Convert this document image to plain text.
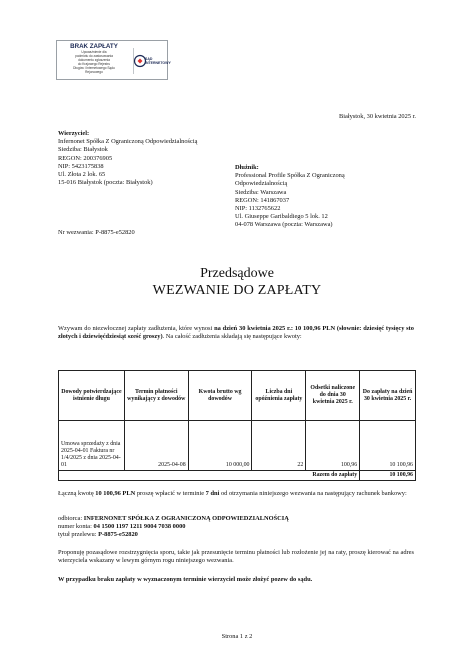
BRAK ZAPŁATY
Upoważnienie dla
podmiotu do zastosowania
dokumentu zgłoszenia
do Krajowego Rejestru
Długów i Internetowego Sądu
Rejonowego
SĄD
INTERNETOWY
Białystok, 30 kwietnia 2025 r.
Wierzyciel:
Infernonet Spółka Z Ograniczoną Odpowiedzialnością
Siedziba: Białystok
REGON: 200376905
NIP: 5423175838
Ul. Złota 2 lok. 65
15-016 Białystok (poczta: Białystok)
Dłużnik:
Professional Profile Spółka Z Ograniczoną
Odpowiedzialnością
Siedziba: Warszawa
REGON: 141867037
NIP: 1132765622
Ul. Giuseppe Garibaldiego 5 lok. 12
04-078 Warszawa (poczta: Warszawa)
Nr wezwania: P-8875-e52820
Przedsądowe
WEZWANIE DO ZAPŁATY
Wzywam do niezwłocznej zapłaty zadłużenia, które wynosi na dzień 30 kwietnia 2025 r.: 10 100,96 PLN (słownie: dziesięć tysięcy sto złotych i dziewięćdziesiąt sześć groszy). Na całość zadłużenia składają się następujące kwoty:
Dowody potwierdzające istnienie długu	Termin płatności wynikający z dowodów	Kwota brutto wg dowodów	Liczba dni opóźnienia zapłaty	Odsetki naliczone do dnia 30 kwietnia 2025 r.	Do zapłaty na dzień 30 kwietnia 2025 r.
Umowa sprzedaży z dnia 2025-04-01 Faktura nr 1/4/2025 z dnia 2025-04-01	2025-04-08	10 000,00	22	100,96	10 100,96
Razem do zapłaty					10 100,96
Łączną kwotę 10 100,96 PLN proszę wpłacić w terminie 7 dni od otrzymania niniejszego wezwania na następujący rachunek bankowy:
odbiorca: INFERNONET SPÓŁKA Z OGRANICZONĄ ODPOWIEDZIALNOŚCIĄ
numer konta: 04 1500 1197 1211 9004 7038 0000
tytuł przelewu: P-8875-e52820
Proponuję pozasądowe rozstrzygnięcia sporu, takie jak przesunięcie terminu płatności lub rozłożenie jej na raty, proszę kierować na adres wierzyciela wskazany w lewym górnym rogu niniejszego wezwania.
W przypadku braku zapłaty w wyznaczonym terminie wierzyciel może złożyć pozew do sądu.
Strona 1 z 2
